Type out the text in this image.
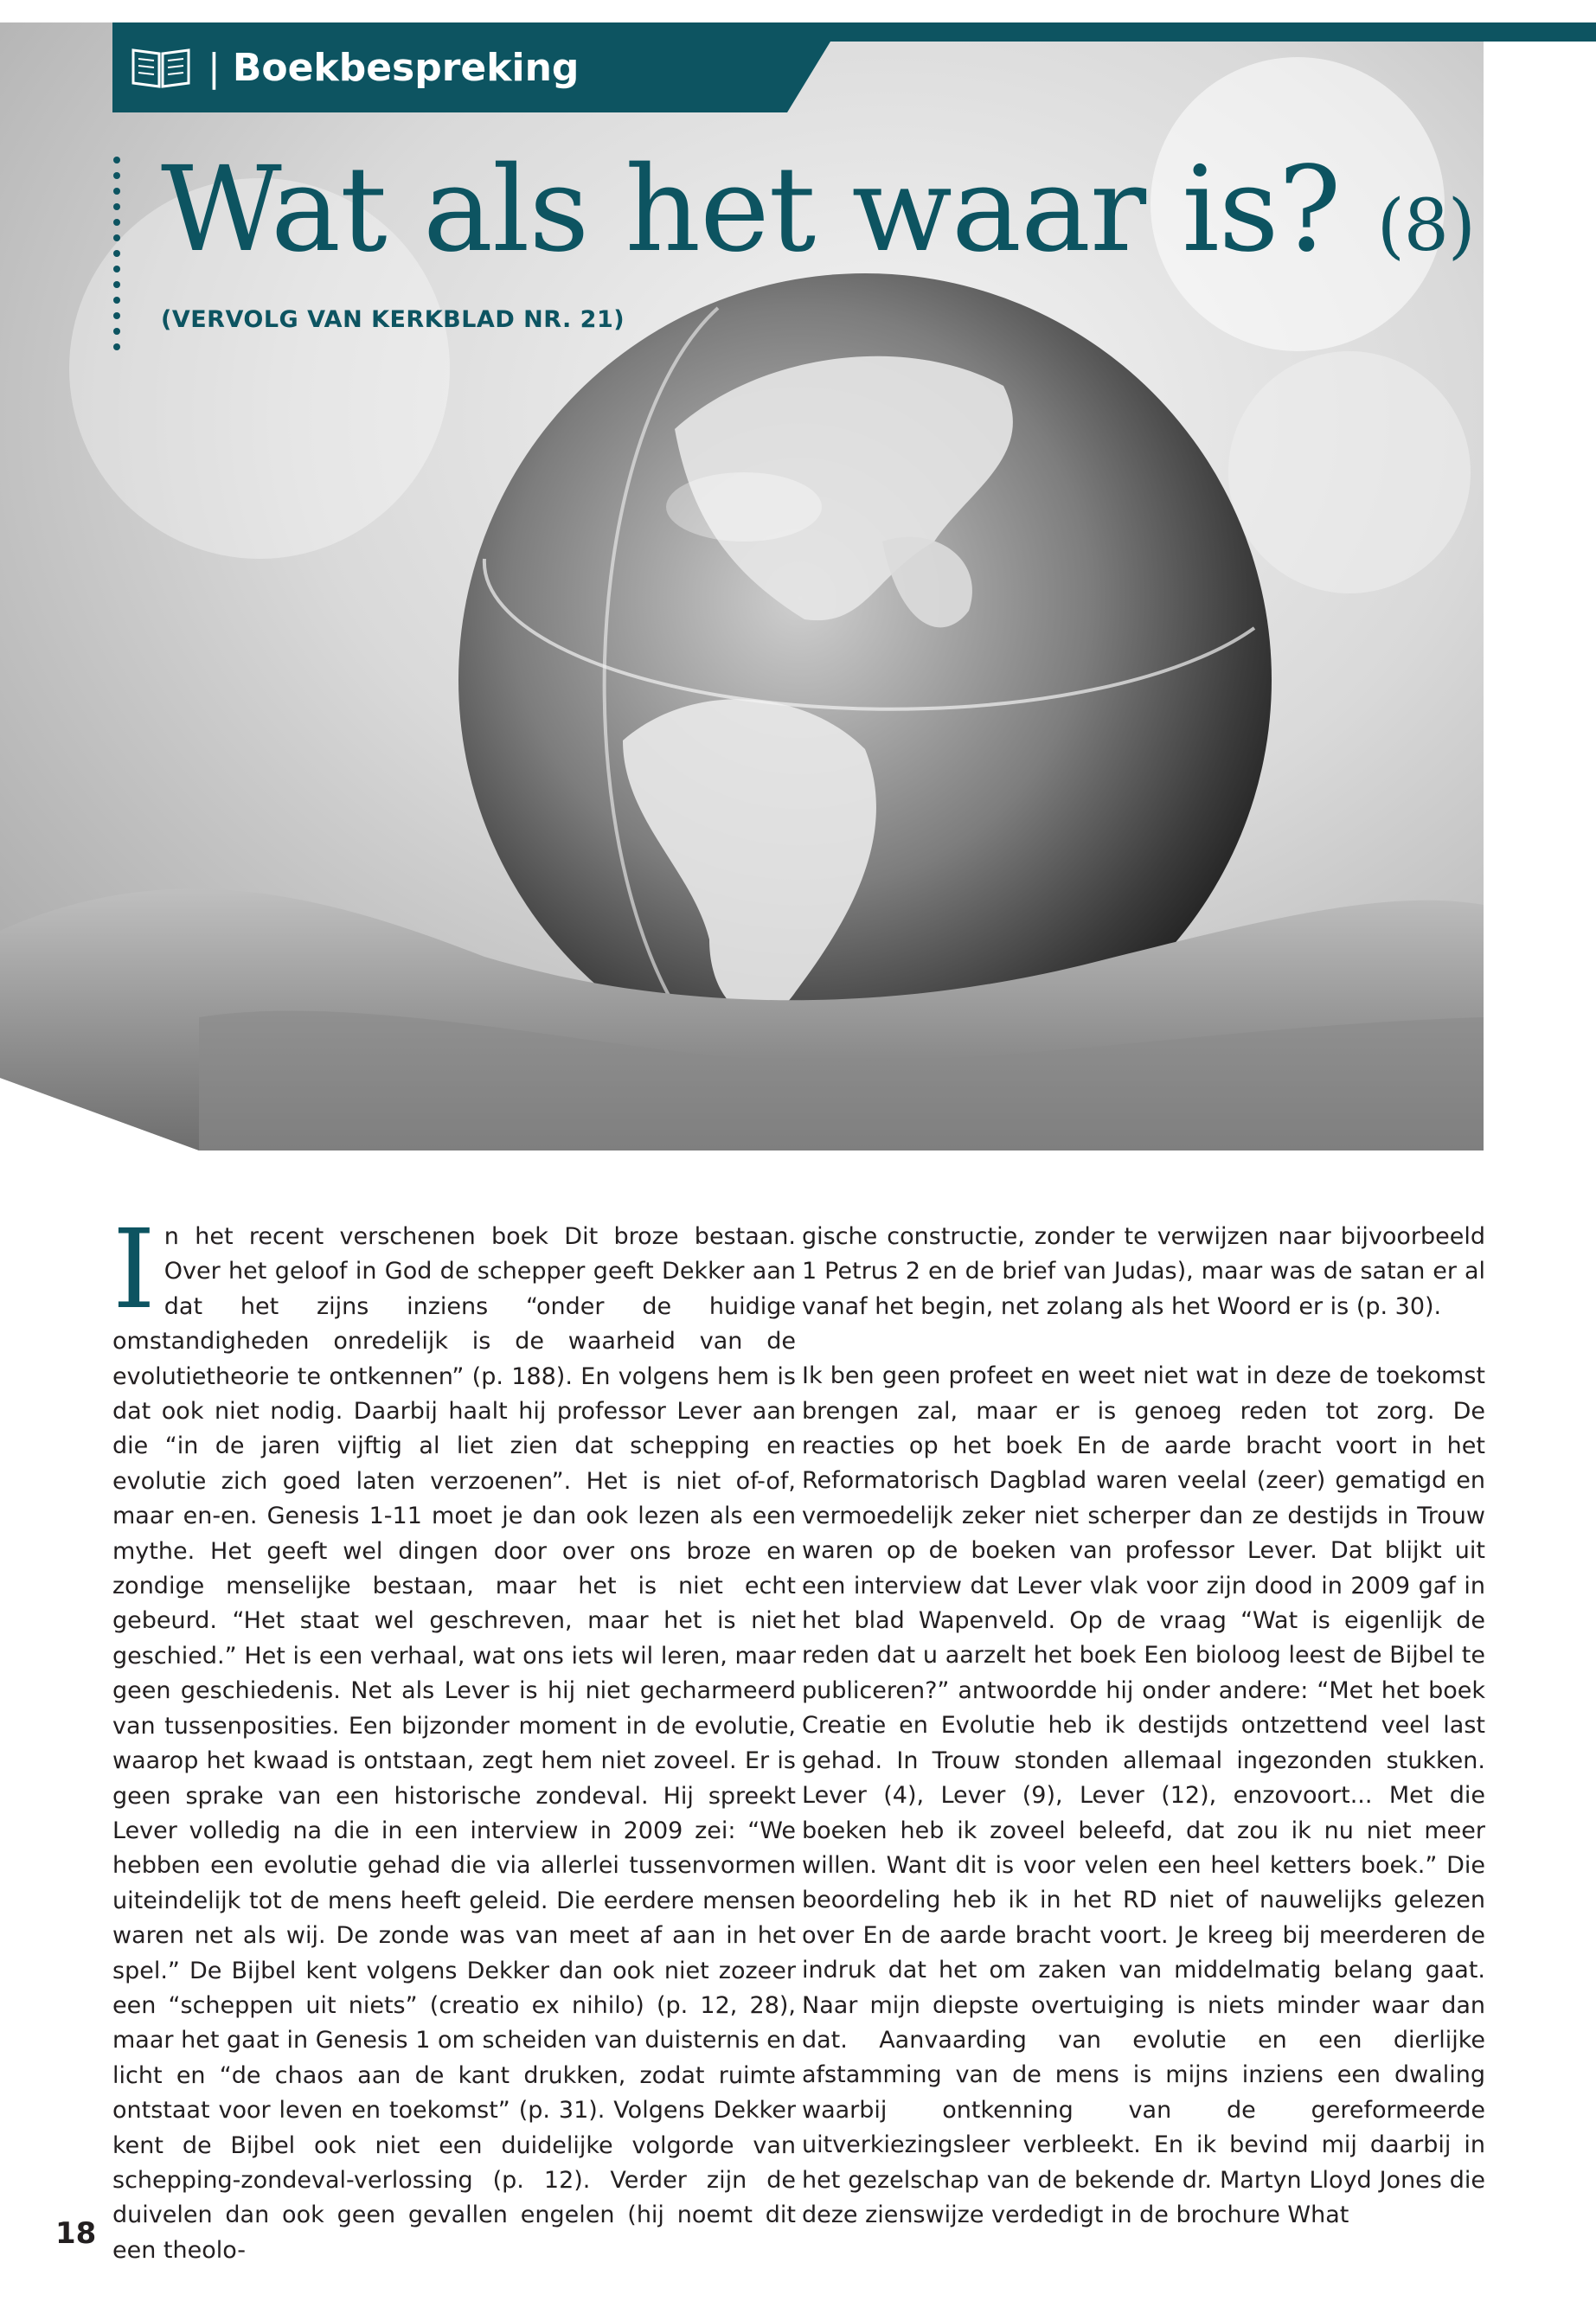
| Boekbespreking
Wat als het waar is? (8)
(VERVOLG VAN KERKBLAD NR. 21)
I n het recent verschenen boek Dit broze bestaan. Over het geloof in God de schepper geeft Dekker aan dat het zijns inziens “onder de huidige omstandigheden onredelijk is de waarheid van de evolutietheorie te ontkennen” (p. 188). En volgens hem is dat ook niet nodig. Daarbij haalt hij professor Lever aan die “in de jaren vijftig al liet zien dat schepping en evolutie zich goed laten verzoenen”. Het is niet of-of, maar en-en. Genesis 1-11 moet je dan ook lezen als een mythe. Het geeft wel dingen door over ons broze en zondige menselijke bestaan, maar het is niet echt gebeurd. “Het staat wel geschreven, maar het is niet geschied.” Het is een verhaal, wat ons iets wil leren, maar geen geschiedenis. Net als Lever is hij niet gecharmeerd van tussenposities. Een bijzonder moment in de evolutie, waarop het kwaad is ontstaan, zegt hem niet zoveel. Er is geen sprake van een historische zondeval. Hij spreekt Lever volledig na die in een interview in 2009 zei: “We hebben een evolutie gehad die via allerlei tussenvormen uiteindelijk tot de mens heeft geleid. Die eerdere mensen waren net als wij. De zonde was van meet af aan in het spel.” De Bijbel kent volgens Dekker dan ook niet zozeer een “scheppen uit niets” (creatio ex nihilo) (p. 12, 28), maar het gaat in Genesis 1 om scheiden van duisternis en licht en “de chaos aan de kant drukken, zodat ruimte ontstaat voor leven en toekomst” (p. 31). Volgens Dekker kent de Bijbel ook niet een duidelijke volgorde van schepping-zondeval-verlossing (p. 12). Verder zijn de duivelen dan ook geen gevallen engelen (hij noemt dit een theolo-

gische constructie, zonder te verwijzen naar bijvoorbeeld 1 Petrus 2 en de brief van Judas), maar was de satan er al vanaf het begin, net zolang als het Woord er is (p. 30).

Ik ben geen profeet en weet niet wat in deze de toekomst brengen zal, maar er is genoeg reden tot zorg. De reacties op het boek En de aarde bracht voort in het Reformatorisch Dagblad waren veelal (zeer) gematigd en vermoedelijk zeker niet scherper dan ze destijds in Trouw waren op de boeken van professor Lever. Dat blijkt uit een interview dat Lever vlak voor zijn dood in 2009 gaf in het blad Wapenveld. Op de vraag “Wat is eigenlijk de reden dat u aarzelt het boek Een bioloog leest de Bijbel te publiceren?” antwoordde hij onder andere: “Met het boek Creatie en Evolutie heb ik destijds ontzettend veel last gehad. In Trouw stonden allemaal ingezonden stukken. Lever (4), Lever (9), Lever (12), enzovoort... Met die boeken heb ik zoveel beleefd, dat zou ik nu niet meer willen. Want dit is voor velen een heel ketters boek.” Die beoordeling heb ik in het RD niet of nauwelijks gelezen over En de aarde bracht voort. Je kreeg bij meerderen de indruk dat het om zaken van middelmatig belang gaat. Naar mijn diepste overtuiging is niets minder waar dan dat. Aanvaarding van evolutie en een dierlijke afstamming van de mens is mijns inziens een dwaling waarbij ontkenning van de gereformeerde uitverkiezingsleer verbleekt. En ik bevind mij daarbij in het gezelschap van de bekende dr. Martyn Lloyd Jones die deze zienswijze verdedigt in de brochure What

18
